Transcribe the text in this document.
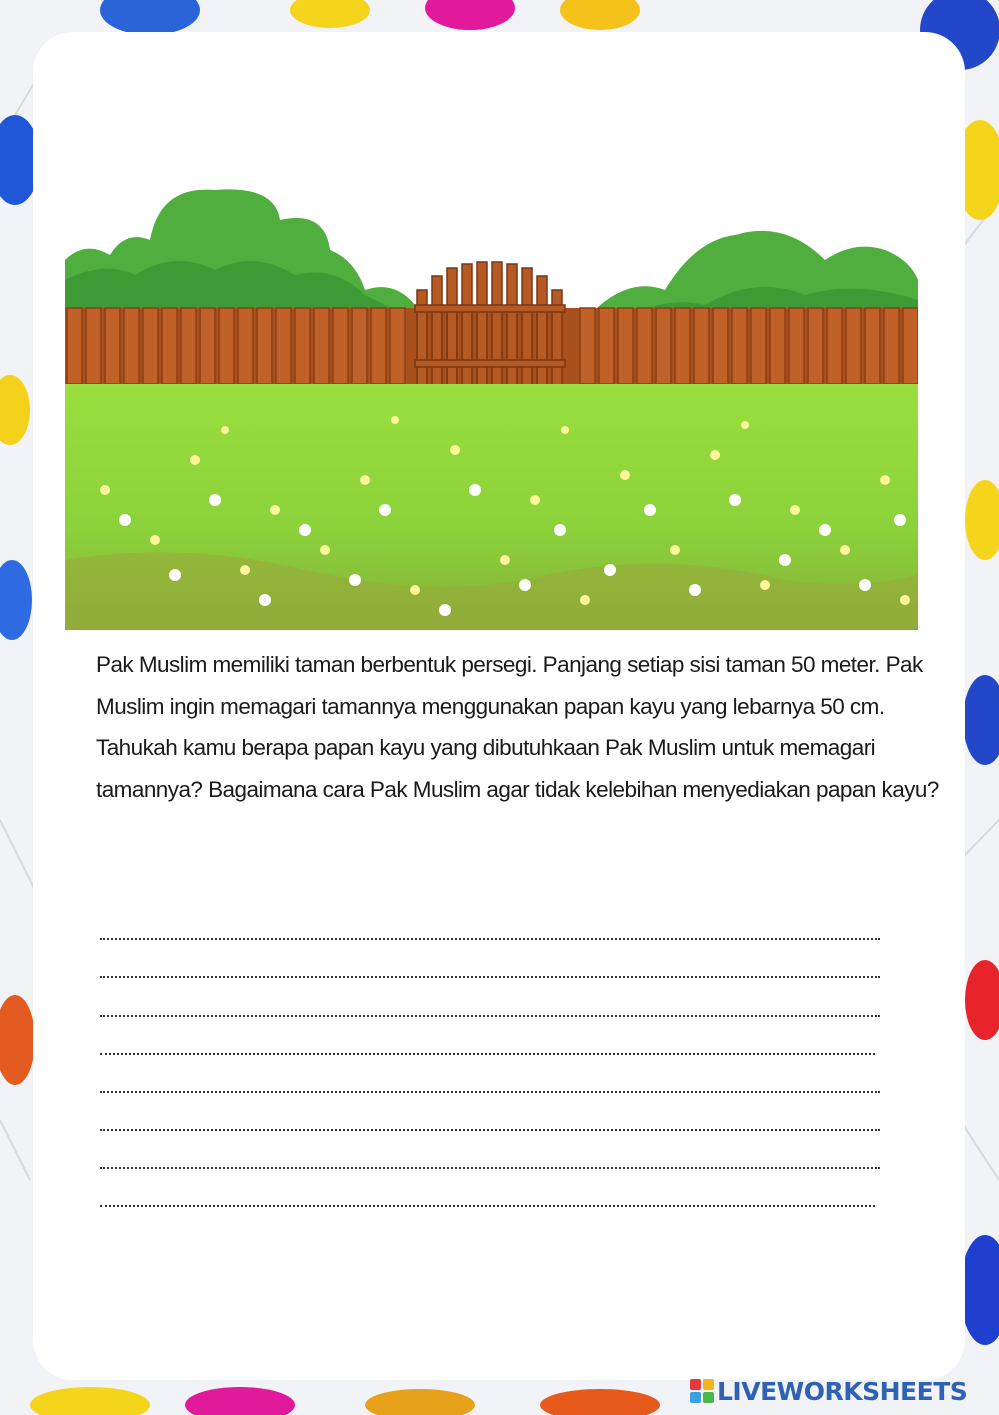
Pak Muslim memiliki taman berbentuk persegi. Panjang setiap sisi taman 50 meter. Pak Muslim ingin memagari tamannya menggunakan papan kayu yang lebarnya 50 cm.

Tahukah kamu berapa papan kayu yang dibutuhkaan Pak Muslim untuk memagari tamannya? Bagaimana cara Pak Muslim agar tidak kelebihan menyediakan papan kayu?

LIVEWORKSHEETS
